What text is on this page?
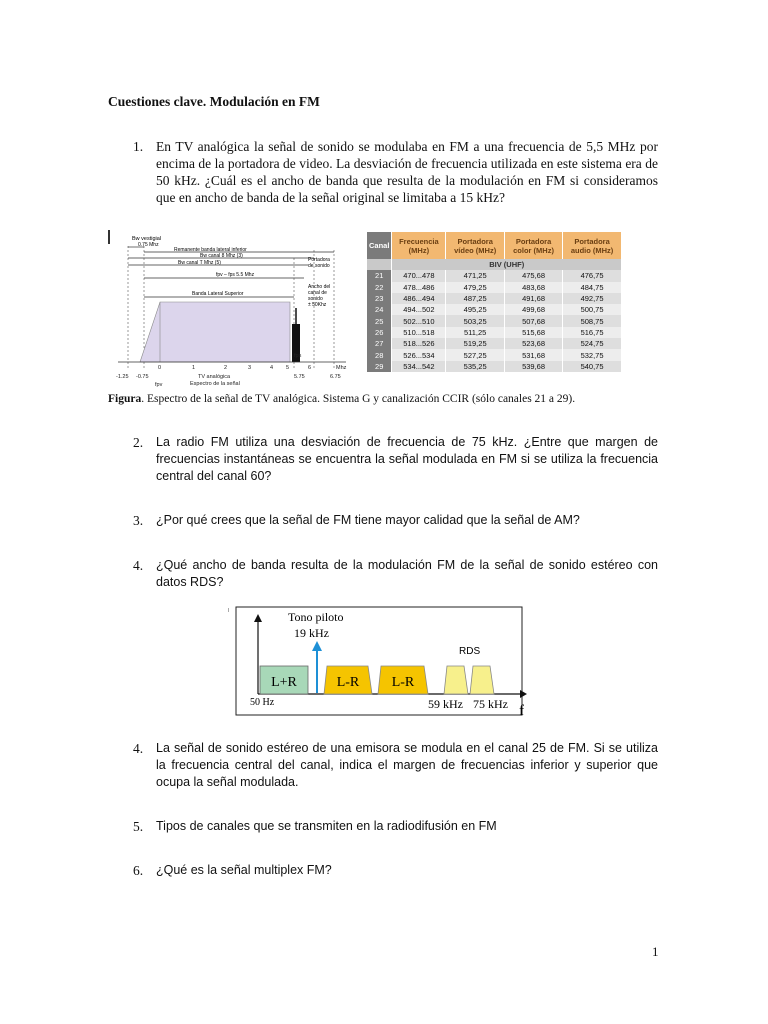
Cuestiones clave. Modulación en FM
1. En TV analógica la señal de sonido se modulaba en FM a una frecuencia de 5,5 MHz por encima de la portadora de video. La desviación de frecuencia utilizada en este sistema era de 50 kHz. ¿Cuál es el ancho de banda que resulta de la modulación en FM si consideramos que en ancho de banda de la señal original se limitaba a 15 kHz?
Bw vestigial
0.75 Mhz
Remanente banda lateral inferior
Bw canal 8 Mhz (3)
Bw canal T Mhz (5)
fpv – fps 5.5 Mhz
Banda Lateral Superior
Portadora
de sonido
Ancho del
canal de
sonido
± 50Khz
-1.25 -0.75
0	1	2	3	4 5	6
5.75	6.75
Mhz
fpv
fps
TV analógica
Espectro de la señal
Canal	Frecuencia (MHz)	Portadora vídeo (MHz)	Portadora color (MHz)	Portadora audio (MHz)
	BIV (UHF)			
21	470...478	471,25	475,68	476,75
22	478...486	479,25	483,68	484,75
23	486...494	487,25	491,68	492,75
24	494...502	495,25	499,68	500,75
25	502...510	503,25	507,68	508,75
26	510...518	511,25	515,68	516,75
27	518...526	519,25	523,68	524,75
28	526...534	527,25	531,68	532,75
29	534...542	535,25	539,68	540,75
Figura. Espectro de la señal de TV analógica. Sistema G y canalización CCIR (sólo canales 21 a 29).
2. La radio FM utiliza una desviación de frecuencia de 75 kHz. ¿Entre que margen de frecuencias instantáneas se encuentra la señal modulada en FM si se utiliza la frecuencia central del canal 60?
3. ¿Por qué crees que la señal de FM tiene mayor calidad que la señal de AM?
4. ¿Qué ancho de banda resulta de la modulación FM de la señal de sonido estéreo con datos RDS?
Tono piloto
19 kHz
L+R	L-R L-R
RDS
50 Hz	59 kHz 75 kHz f
4. La señal de sonido estéreo de una emisora se modula en el canal 25 de FM. Si se utiliza la frecuencia central del canal, indica el margen de frecuencias inferior y superior que ocupa la señal modulada.
5. Tipos de canales que se transmiten en la radiodifusión en FM
6. ¿Qué es la señal multiplex FM?
1
